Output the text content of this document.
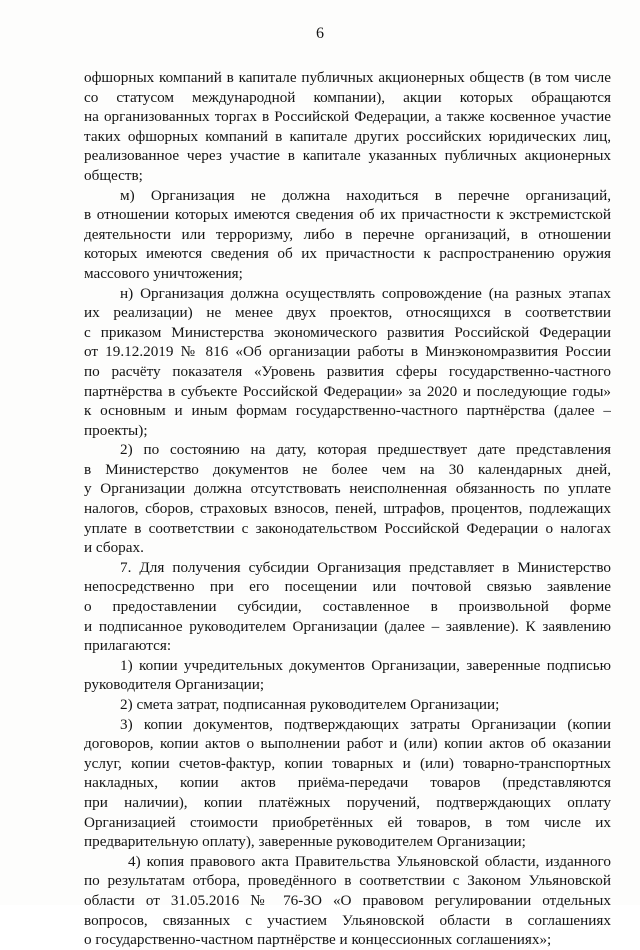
6
офшорных компаний в капитале публичных акционерных обществ (в том числе
со статусом международной компании), акции которых обращаются
на организованных торгах в Российской Федерации, а также косвенное участие
таких офшорных компаний в капитале других российских юридических лиц,
реализованное через участие в капитале указанных публичных акционерных
обществ;
м) Организация не должна находиться в перечне организаций,
в отношении которых имеются сведения об их причастности к экстремистской
деятельности или терроризму, либо в перечне организаций, в отношении
которых имеются сведения об их причастности к распространению оружия
массового уничтожения;
н) Организация должна осуществлять сопровождение (на разных этапах
их реализации) не менее двух проектов, относящихся в соответствии
с приказом Министерства экономического развития Российской Федерации
от 19.12.2019 № 816 «Об организации работы в Минэкономразвития России
по расчёту показателя «Уровень развития сферы государственно-частного
партнёрства в субъекте Российской Федерации» за 2020 и последующие годы»
к основным и иным формам государственно-частного партнёрства (далее –
проекты);
2) по состоянию на дату, которая предшествует дате представления
в Министерство документов не более чем на 30 календарных дней,
у Организации должна отсутствовать неисполненная обязанность по уплате
налогов, сборов, страховых взносов, пеней, штрафов, процентов, подлежащих
уплате в соответствии с законодательством Российской Федерации о налогах
и сборах.
7. Для получения субсидии Организация представляет в Министерство
непосредственно при его посещении или почтовой связью заявление
о предоставлении субсидии, составленное в произвольной форме
и подписанное руководителем Организации (далее – заявление). К заявлению
прилагаются:
1) копии учредительных документов Организации, заверенные подписью
руководителя Организации;
2) смета затрат, подписанная руководителем Организации;
3) копии документов, подтверждающих затраты Организации (копии
договоров, копии актов о выполнении работ и (или) копии актов об оказании
услуг, копии счетов-фактур, копии товарных и (или) товарно-транспортных
накладных, копии актов приёма-передачи товаров (представляются
при наличии), копии платёжных поручений, подтверждающих оплату
Организацией стоимости приобретённых ей товаров, в том числе их
предварительную оплату), заверенные руководителем Организации;
4) копия правового акта Правительства Ульяновской области, изданного
по результатам отбора, проведённого в соответствии с Законом Ульяновской
области от 31.05.2016 № 76-ЗО «О правовом регулировании отдельных
вопросов, связанных с участием Ульяновской области в соглашениях
о государственно-частном партнёрстве и концессионных соглашениях»;
